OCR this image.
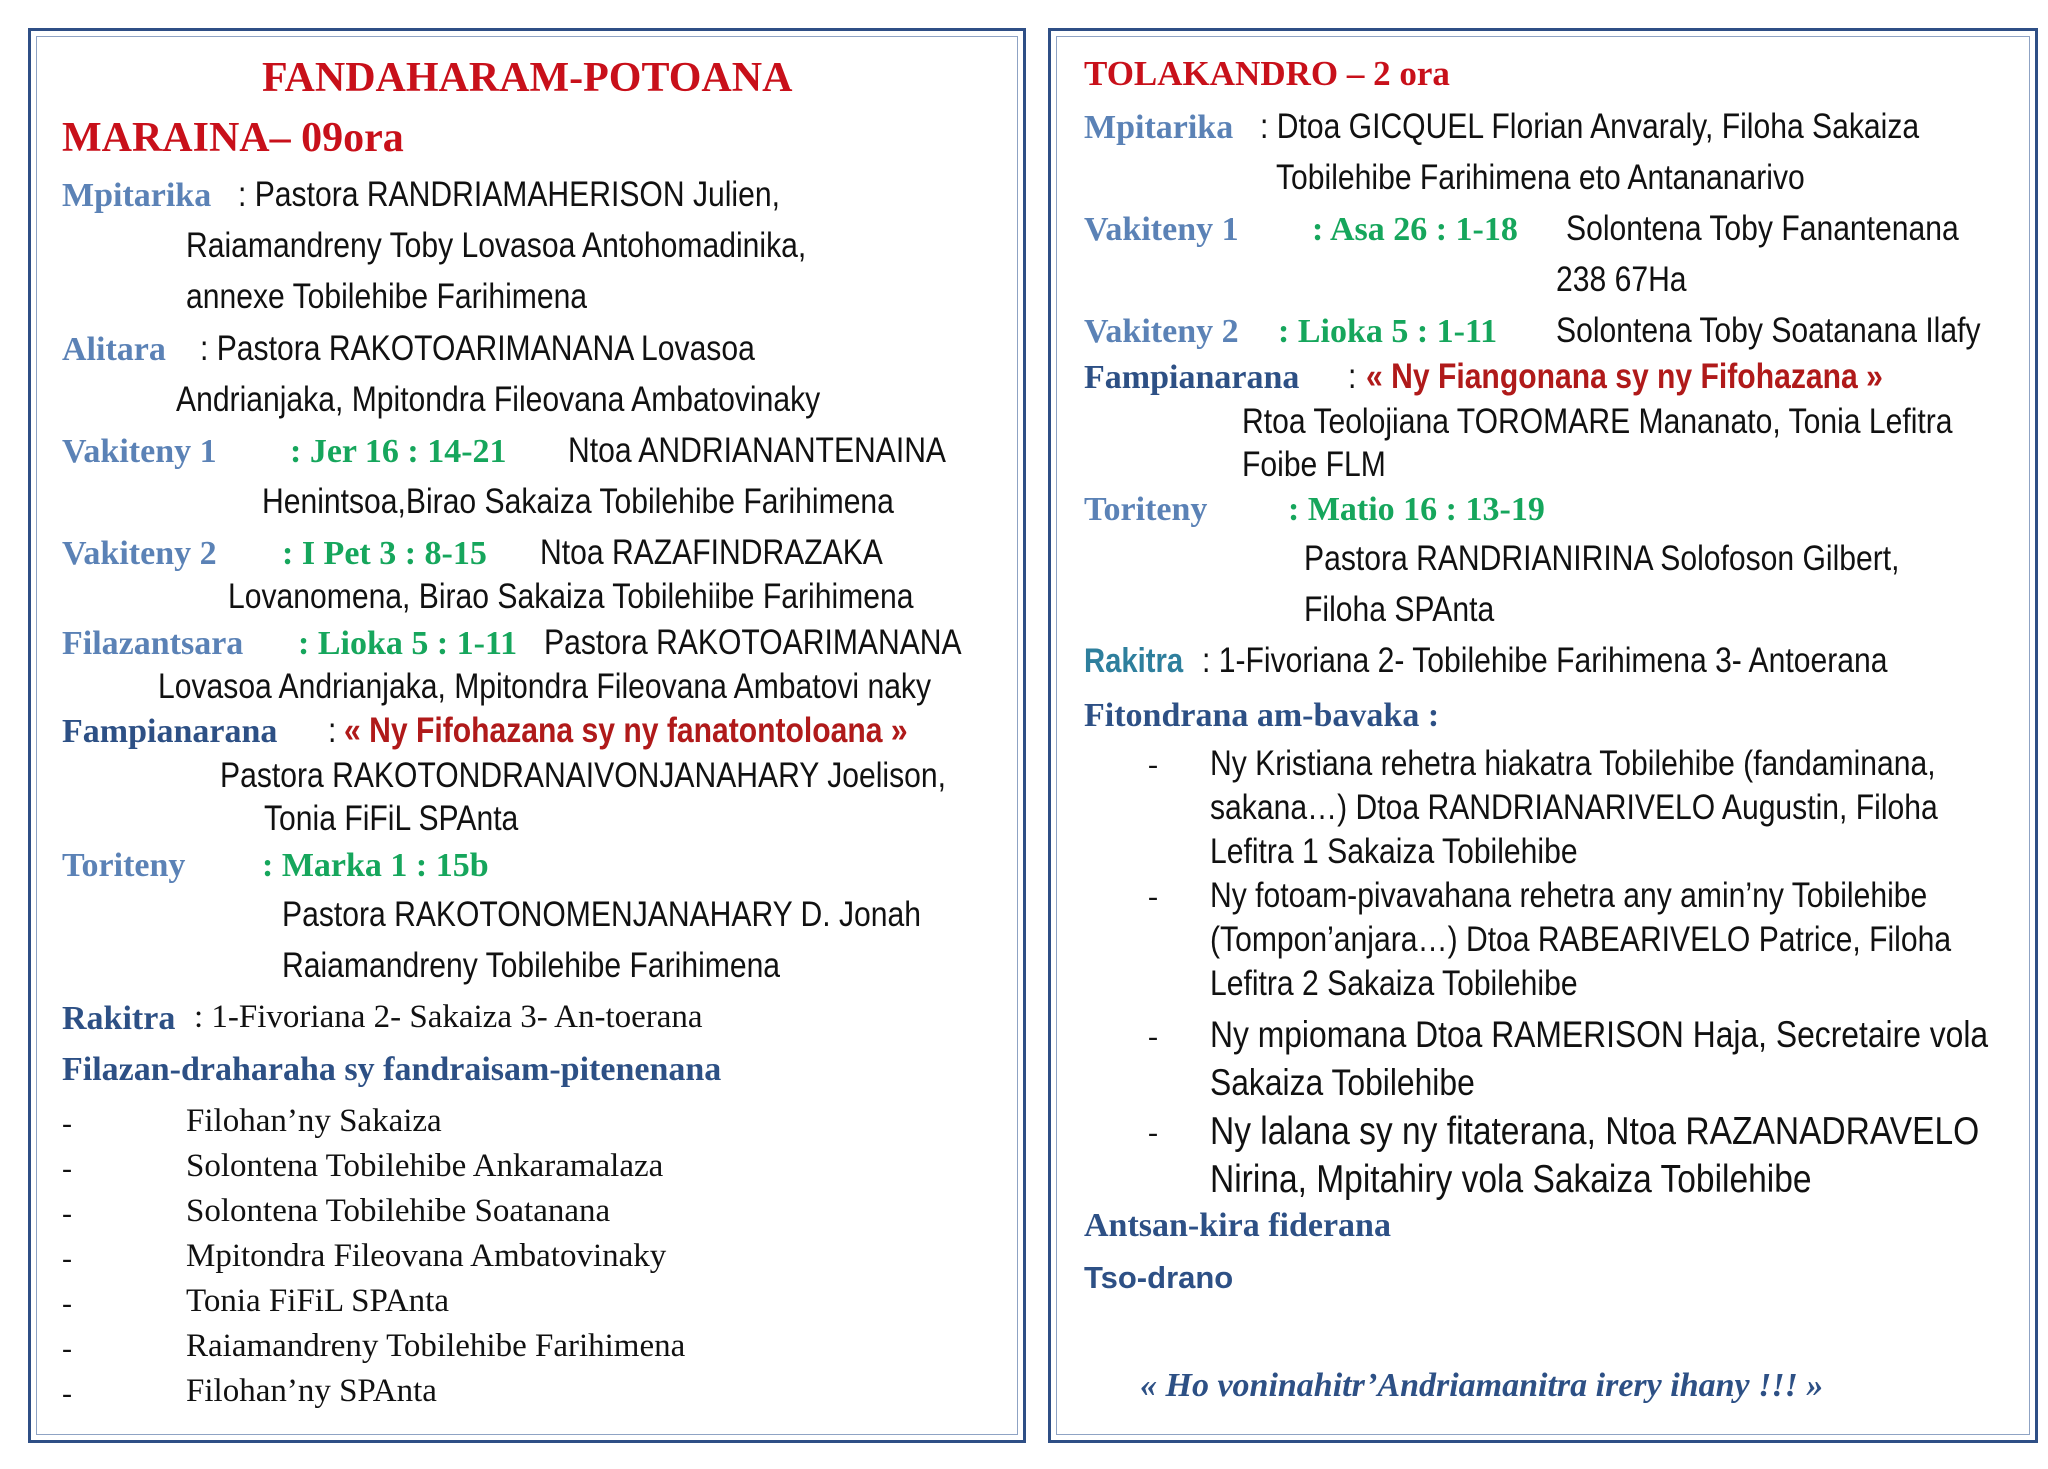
FANDAHARAM-POTOANA
MARAINA– 09ora
Mpitarika : Pastora RANDRIAMAHERISON Julien,
Raiamandreny Toby Lovasoa Antohomadinika,
annexe Tobilehibe Farihimena
Alitara : Pastora RAKOTOARIMANANA Lovasoa
Andrianjaka, Mpitondra Fileovana Ambatovinaky
Vakiteny 1 : Jer 16 : 14-21 Ntoa ANDRIANANTENAINA
Henintsoa,Birao Sakaiza Tobilehibe Farihimena
Vakiteny 2 : I Pet 3 : 8-15 Ntoa RAZAFINDRAZAKA
Lovanomena, Birao Sakaiza Tobilehiibe Farihimena
Filazantsara : Lioka 5 : 1-11 Pastora RAKOTOARIMANANA
Lovasoa Andrianjaka, Mpitondra Fileovana Ambatovi naky
Fampianarana : « Ny Fifohazana sy ny fanatontoloana »
Pastora RAKOTONDRANAIVONJANAHARY Joelison,
Tonia FiFiL SPAnta
Toriteny : Marka 1 : 15b
Pastora RAKOTONOMENJANAHARY D. Jonah
Raiamandreny Tobilehibe Farihimena
Rakitra : 1-Fivoriana 2- Sakaiza 3- An-toerana
Filazan-draharaha sy fandraisam-pitenenana
-	Filohan’ny Sakaiza
-	Solontena Tobilehibe Ankaramalaza
-	Solontena Tobilehibe Soatanana
-	Mpitondra Fileovana Ambatovinaky
-	Tonia FiFiL SPAnta
-	Raiamandreny Tobilehibe Farihimena
-	Filohan’ny SPAnta
TOLAKANDRO – 2 ora
Mpitarika : Dtoa GICQUEL Florian Anvaraly, Filoha Sakaiza
Tobilehibe Farihimena eto Antananarivo
Vakiteny 1 : Asa 26 : 1-18 Solontena Toby Fanantenana
238 67Ha
Vakiteny 2 : Lioka 5 : 1-11 Solontena Toby Soatanana Ilafy
Fampianarana : « Ny Fiangonana sy ny Fifohazana »
Rtoa Teolojiana TOROMARE Mananato, Tonia Lefitra
Foibe FLM
Toriteny : Matio 16 : 13-19
Pastora RANDRIANIRINA Solofoson Gilbert,
Filoha SPAnta
Rakitra : 1-Fivoriana 2- Tobilehibe Farihimena 3- Antoerana
Fitondrana am-bavaka :
- Ny Kristiana rehetra hiakatra Tobilehibe (fandaminana,
sakana…) Dtoa RANDRIANARIVELO Augustin, Filoha
Lefitra 1 Sakaiza Tobilehibe
- Ny fotoam-pivavahana rehetra any amin’ny Tobilehibe
(Tompon’anjara…) Dtoa RABEARIVELO Patrice, Filoha
Lefitra 2 Sakaiza Tobilehibe
- Ny mpiomana Dtoa RAMERISON Haja, Secretaire vola
Sakaiza Tobilehibe
- Ny lalana sy ny fitaterana, Ntoa RAZANADRAVELO
Nirina, Mpitahiry vola Sakaiza Tobilehibe
Antsan-kira fiderana
Tso-drano
« Ho voninahitr’Andriamanitra irery ihany !!! »
